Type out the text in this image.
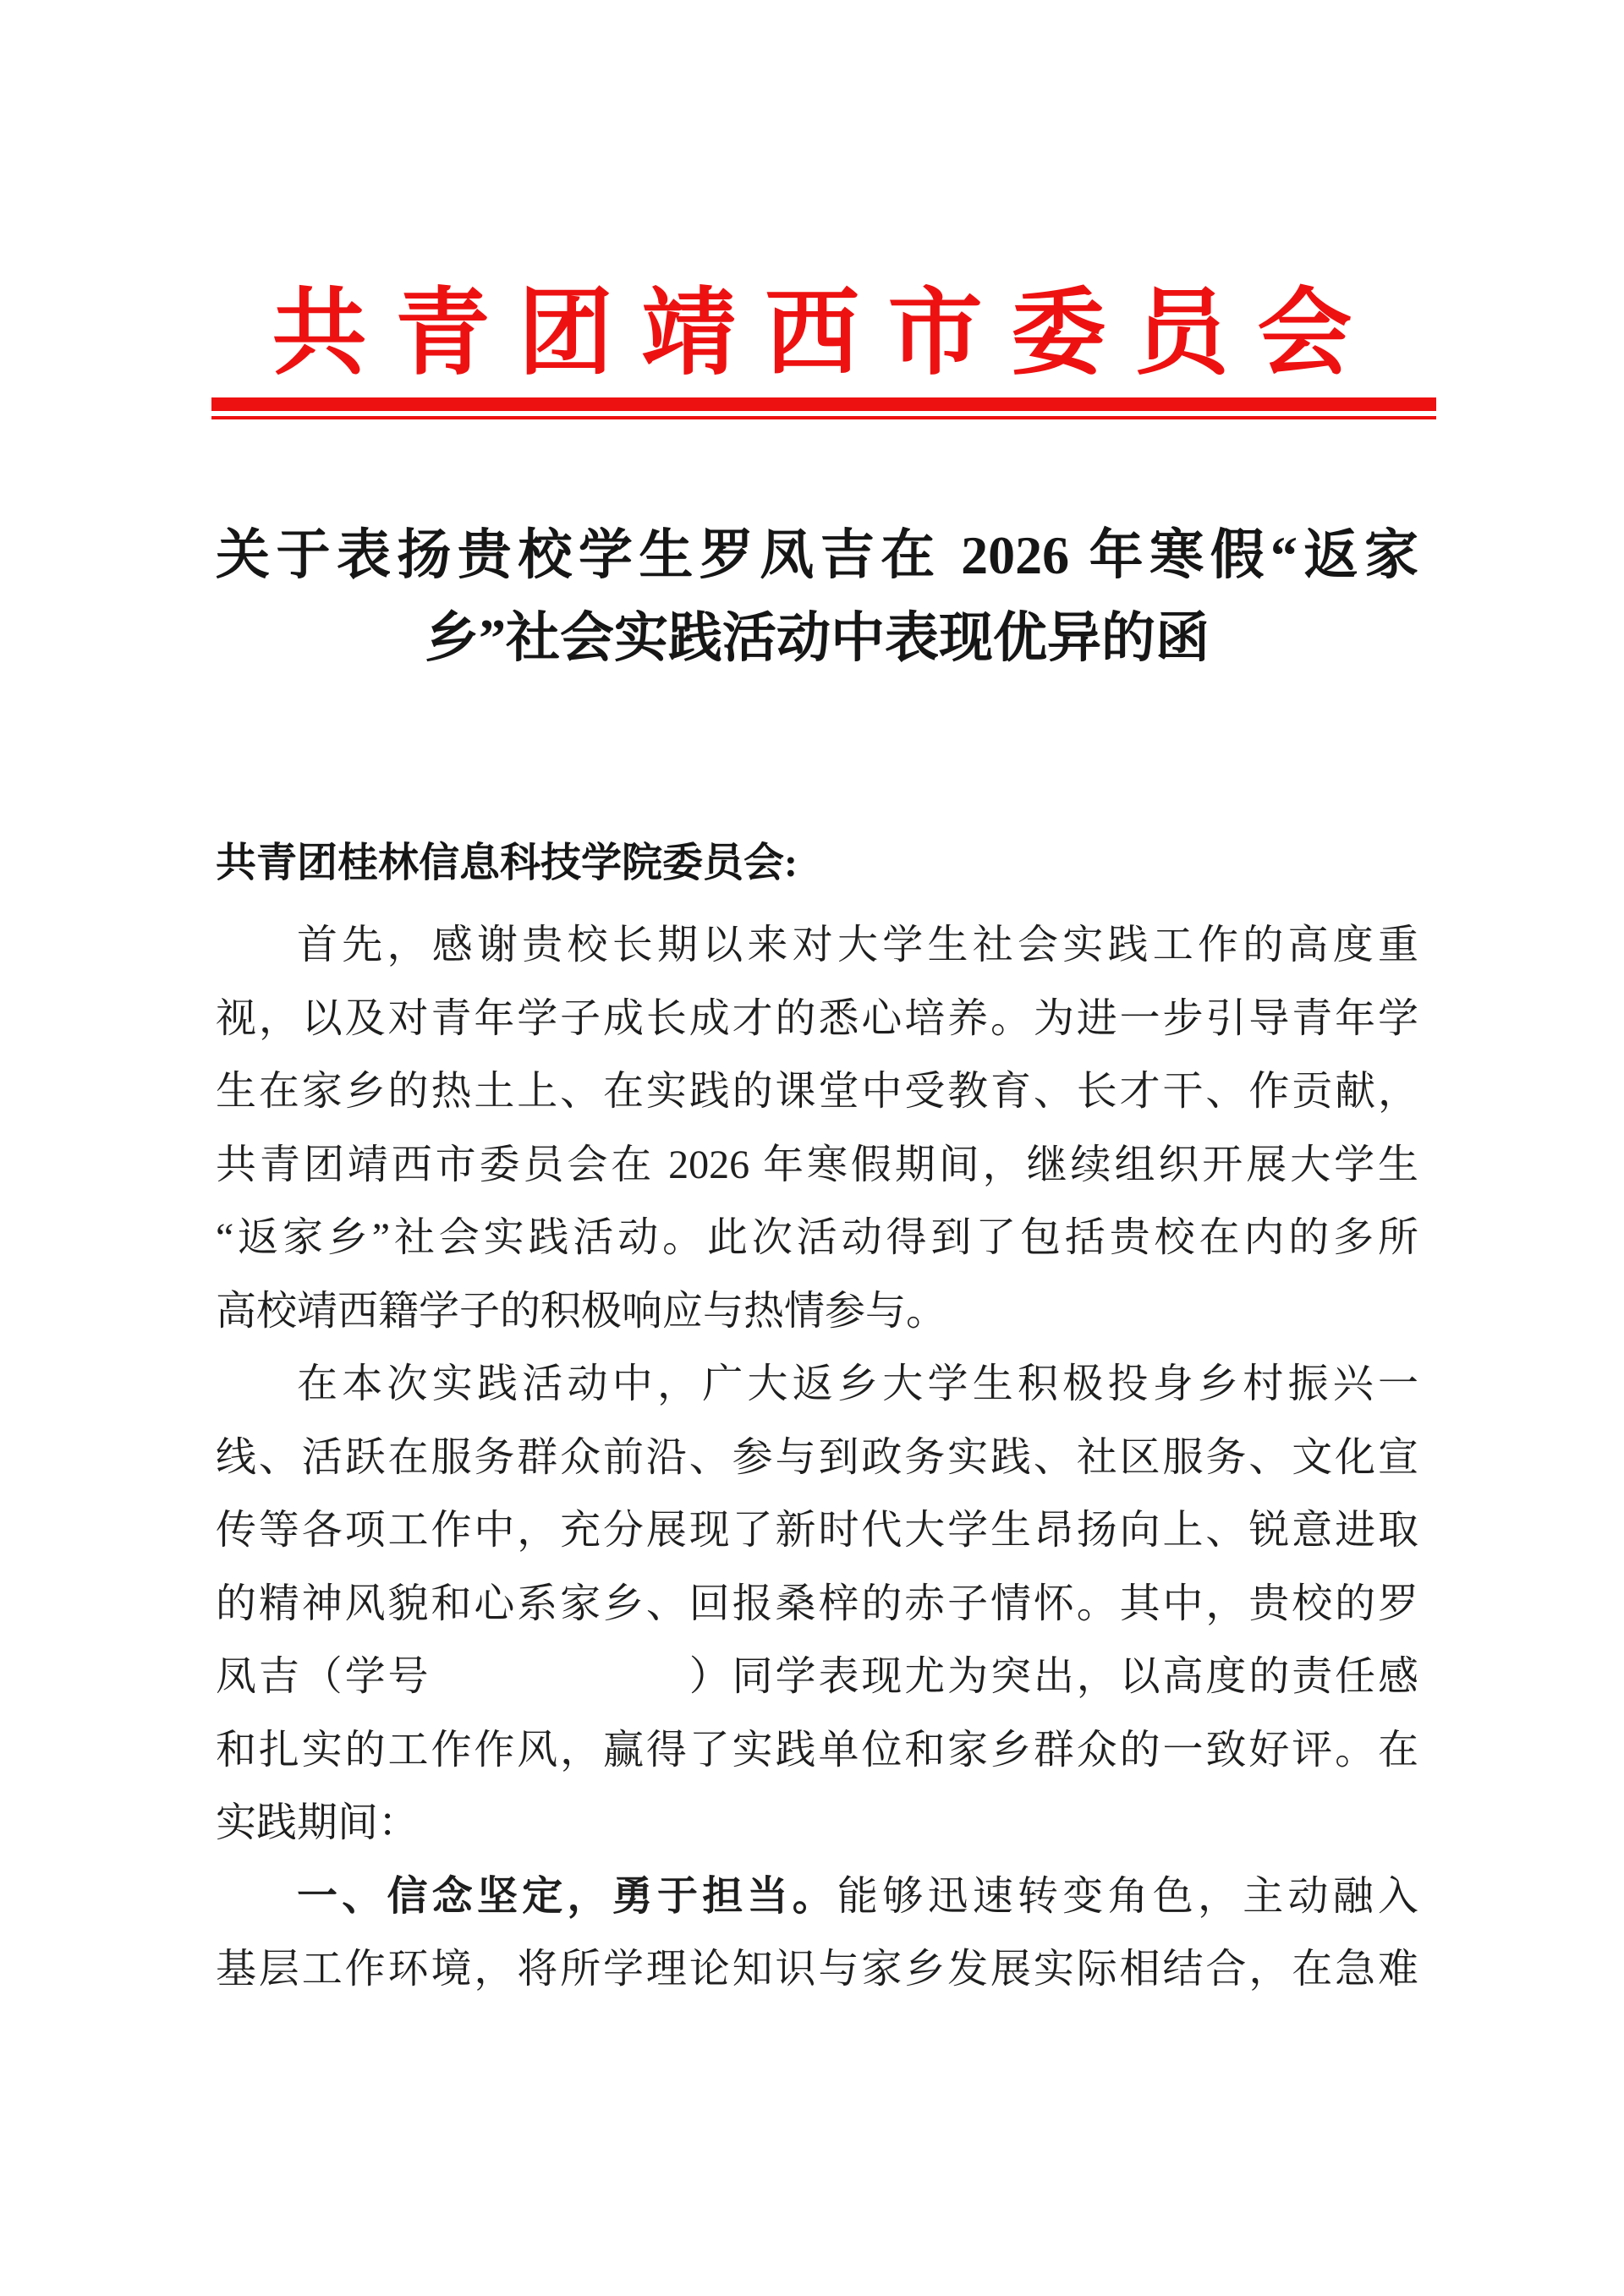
共青团靖西市委员会
关于表扬贵校学生罗凤吉在 2026 年寒假“返家
乡”社会实践活动中表现优异的函
共青团桂林信息科技学院委员会:
首先，感谢贵校长期以来对大学生社会实践工作的高度重
视，以及对青年学子成长成才的悉心培养。为进一步引导青年学
生在家乡的热土上、在实践的课堂中受教育、长才干、作贡献，
共青团靖西市委员会在 2026 年寒假期间，继续组织开展大学生
“返家乡”社会实践活动。此次活动得到了包括贵校在内的多所
高校靖西籍学子的积极响应与热情参与。
在本次实践活动中，广大返乡大学生积极投身乡村振兴一
线、活跃在服务群众前沿、参与到政务实践、社区服务、文化宣
传等各项工作中，充分展现了新时代大学生昂扬向上、锐意进取
的精神风貌和心系家乡、回报桑梓的赤子情怀。其中，贵校的罗
凤吉（学号　　　　　　）同学表现尤为突出，以高度的责任感
和扎实的工作作风，赢得了实践单位和家乡群众的一致好评。在
实践期间：
一、信念坚定，勇于担当。能够迅速转变角色，主动融入
基层工作环境，将所学理论知识与家乡发展实际相结合，在急难
